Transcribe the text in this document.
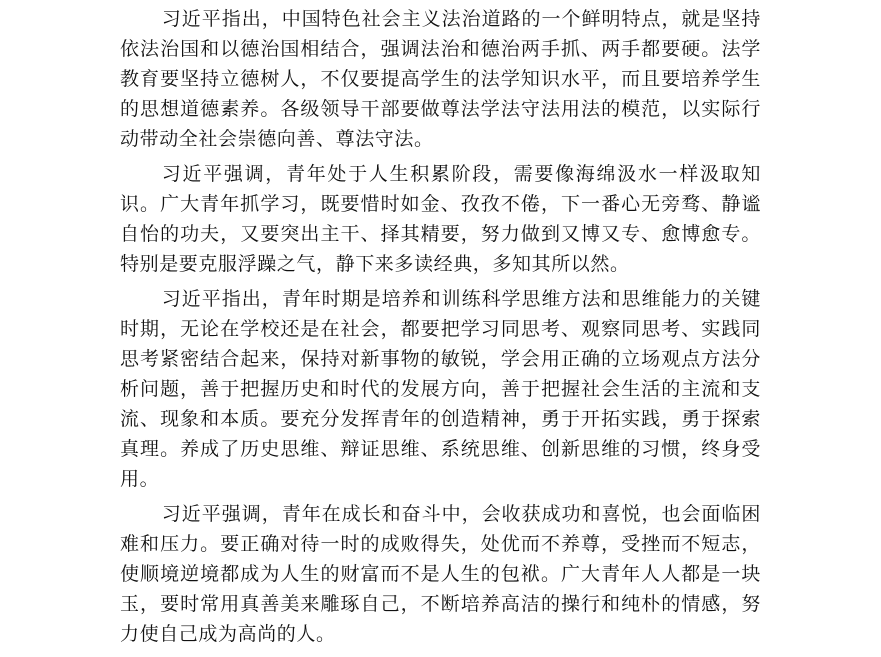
习近平指出，中国特色社会主义法治道路的一个鲜明特点，就是坚持依法治国和以德治国相结合，强调法治和德治两手抓、两手都要硬。法学教育要坚持立德树人，不仅要提高学生的法学知识水平，而且要培养学生的思想道德素养。各级领导干部要做尊法学法守法用法的模范，以实际行动带动全社会崇德向善、尊法守法。

习近平强调，青年处于人生积累阶段，需要像海绵汲水一样汲取知识。广大青年抓学习，既要惜时如金、孜孜不倦，下一番心无旁骛、静谧自怡的功夫，又要突出主干、择其精要，努力做到又博又专、愈博愈专。特别是要克服浮躁之气，静下来多读经典，多知其所以然。

习近平指出，青年时期是培养和训练科学思维方法和思维能力的关键时期，无论在学校还是在社会，都要把学习同思考、观察同思考、实践同思考紧密结合起来，保持对新事物的敏锐，学会用正确的立场观点方法分析问题，善于把握历史和时代的发展方向，善于把握社会生活的主流和支流、现象和本质。要充分发挥青年的创造精神，勇于开拓实践，勇于探索真理。养成了历史思维、辩证思维、系统思维、创新思维的习惯，终身受用。

习近平强调，青年在成长和奋斗中，会收获成功和喜悦，也会面临困难和压力。要正确对待一时的成败得失，处优而不养尊，受挫而不短志，使顺境逆境都成为人生的财富而不是人生的包袱。广大青年人人都是一块玉，要时常用真善美来雕琢自己，不断培养高洁的操行和纯朴的情感，努力使自己成为高尚的人。
